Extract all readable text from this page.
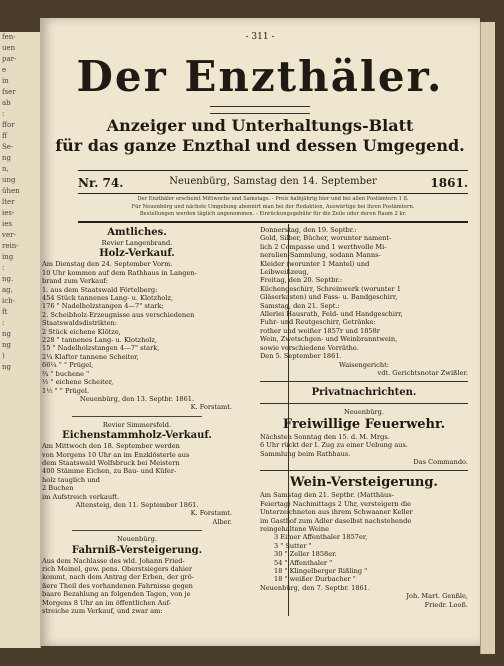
fen-
uen
par-
e
in
fser
ab
:
ffor
ff
Se-
ng
n,
ung
ühen
lter
ies-
ies
ver-
rein-
ing
:
ng.
ag,
ich-
ft
:
ng
ng
)
ng
- 311 -
Der Enzthäler.
Anzeiger und Unterhaltungs-Blatt
für das ganze Enzthal und dessen Umgegend.
Neuenbürg, Samstag den 14. September
Nr. 74.	1861.
Der Enzthäler erscheint Mittwochs und Samstags. - Preis halbjährig hier und bei allen Postämtern 1 fl.
Für Neuenbürg und nächste Umgebung abonnirt man bei der Redaktion, Auswärtige bei ihren Postämtern.
Bestellungen werden täglich angenommen. - Einrückungsgebühr für die Zeile oder deren Raum 2 kr.
Amtliches.
Revier Langenbrand.
Holz-Verkauf.
Am Dienstag den 24. September Vorm.
10 Uhr kommen auf dem Rathhaus in Langen-
brand zum Verkauf:
1. aus dem Staatswald Förtelberg:
454 Stück tannenes Lang- u. Klotzholz,
176 " Nadelholzstangen 4—7" stark;
2. Scheibholz-Erzeugnisse aus verschiedenen
Staatswaldsdistrikten:
2 Stück eichene Klötze,
228 " tannenes Lang- u. Klotzholz,
15 " Nadelholzstangen 4—7" stark,
2¼ Klafter tannene Scheiter,
66¼ " " Prügel,
¾ " buchene "
½ " eichene Scheiter,
1½ " " Prügel.
Neuenbürg, den 13. Septbr. 1861.
K. Forstamt.
Revier Simmersfeld.
Eichenstammholz-Verkauf.
Am Mittwoch den 18. September werden
von Morgens 10 Uhr an im Enzklösterle aus
dem Staatswald Wolfsbruck bei Meistern
400 Stämme Eichen, zu Bau- und Küfer-
holz tauglich und
2 Buchen
im Aufstreich verkauft.
Altensteig, den 11. September 1861.
K. Forstamt.
Alber.
Neuenbürg.
Fahrniß-Versteigerung.
Aus dem Nachlasse des wld. Johann Fried-
rich Meinel, gew. pens. Oberstsiegers dahier
kommt, nach dem Antrag der Erben, der grö-
ßere Theil des vorhandenen Fahrnisse gegen
baare Bezahlung an folgenden Tagen, von je
Morgens 8 Uhr an im öffentlichen Auf-
streiche zum Verkauf, und zwar am:
Donnerstag, den 19. Septbr.:
Gold, Silber, Bücher, worunter nament-
lich 2 Compasse und 1 werthvolle Mi-
neralien-Sammlung, sodann Manns-
Kleider (worunter 1 Mantel) und
Leibweißzeug,
Freitag, den 20. Septbr.:
Küchengeschirr, Schreinwerk (worunter 1
Gläserkasten) und Fass- u. Bandgeschirr,
Samstag, den 21. Sept.:
Allerlei Hausrath, Feld- und Handgeschirr,
Fuhr- und Reutgeschirr, Getränke:
rother und weißer 1857r und 1858r
Wein, Zwetschgen- und Weinbranntwein,
sowie verschiedene Vorräthe.
Den 5. September 1861.
Waisengericht:
vdt. Gerichtsnotar Zwißler.
Privatnachrichten.
Neuenbürg.
Freiwillige Feuerwehr.
Nächsten Sonntag den 15. d. M. Mrgs.
6 Uhr rückt der I. Zug zu einer Uebung aus.
Sammlung beim Rathhaus.
Das Commando.
Wein-Versteigerung.
Am Samstag den 21. Septbr. (Matthäus-
Feiertag) Nachmittags 2 Uhr, versteigern die
Unterzeichneten aus ihrem Schwaaner Keller
im Gasthof zum Adler daselbst nachstehende
reingehaltene Weine
3 Eimer Affenthaler 1857er,
3 " Sutter "
30 " Zeller 1858er.
54 " Affenthaler "
18 " Klingelberger Rißling "
18 " weißer Durbacher "
Neuenbürg, den 7. Septbr. 1861.
Joh. Mart. Genßle,
Friedr. Looß.
